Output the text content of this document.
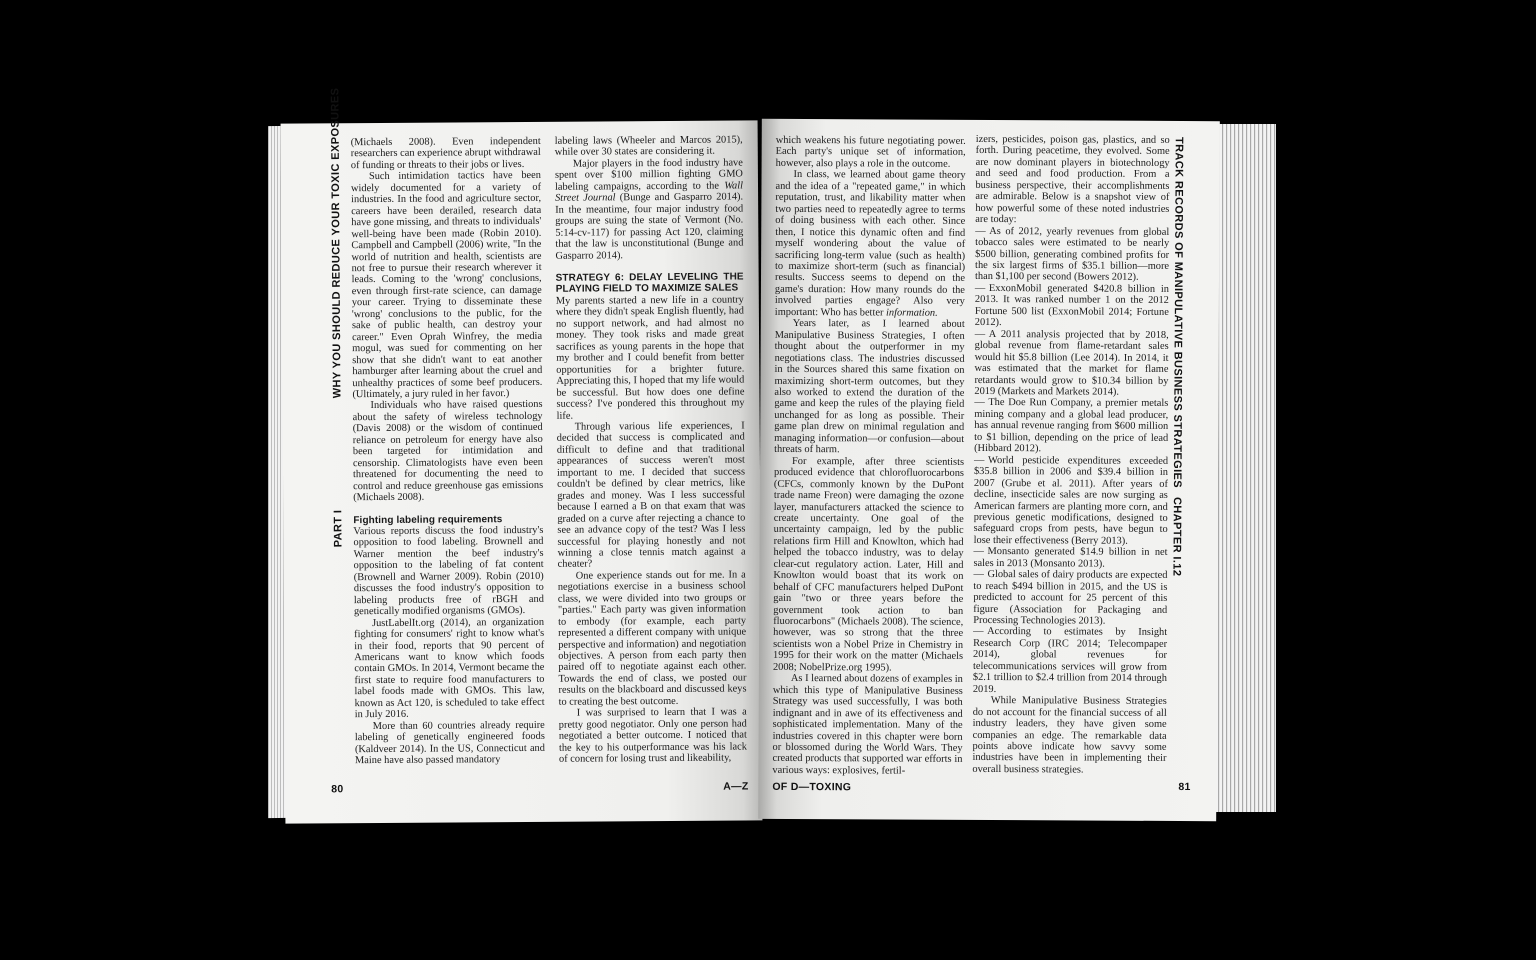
WHY YOU SHOULD REDUCE YOUR TOXIC EXPOSURES
PART I

(Michaels 2008). Even independent researchers can experience abrupt withdrawal of funding or threats to their jobs or lives.

Such intimidation tactics have been widely documented for a variety of industries. In the food and agriculture sector, careers have been derailed, research data have gone missing, and threats to individuals' well-being have been made (Robin 2010). Campbell and Campbell (2006) write, "In the world of nutrition and health, scientists are not free to pursue their research wherever it leads. Coming to the 'wrong' conclusions, even through first-rate science, can damage your career. Trying to disseminate these 'wrong' conclusions to the public, for the sake of public health, can destroy your career." Even Oprah Winfrey, the media mogul, was sued for commenting on her show that she didn't want to eat another hamburger after learning about the cruel and unhealthy practices of some beef producers. (Ultimately, a jury ruled in her favor.)

Individuals who have raised questions about the safety of wireless technology (Davis 2008) or the wisdom of continued reliance on petroleum for energy have also been targeted for intimidation and censorship. Climatologists have even been threatened for documenting the need to control and reduce greenhouse gas emissions (Michaels 2008).

Fighting labeling requirements

Various reports discuss the food industry's opposition to food labeling. Brownell and Warner mention the beef industry's opposition to the labeling of fat content (Brownell and Warner 2009). Robin (2010) discusses the food industry's opposition to labeling products free of rBGH and genetically modified organisms (GMOs).

JustLabelIt.org (2014), an organization fighting for consumers' right to know what's in their food, reports that 90 percent of Americans want to know which foods contain GMOs. In 2014, Vermont became the first state to require food manufacturers to label foods made with GMOs. This law, known as Act 120, is scheduled to take effect in July 2016.

More than 60 countries already require labeling of genetically engineered foods (Kaldveer 2014). In the US, Connecticut and Maine have also passed mandatory

labeling laws (Wheeler and Marcos 2015), while over 30 states are considering it.

Major players in the food industry have spent over $100 million fighting GMO labeling campaigns, according to the Wall Street Journal (Bunge and Gasparro 2014). In the meantime, four major industry food groups are suing the state of Vermont (No. 5:14-cv-117) for passing Act 120, claiming that the law is unconstitutional (Bunge and Gasparro 2014).

STRATEGY 6: DELAY LEVELING THE PLAYING FIELD TO MAXIMIZE SALES

My parents started a new life in a country where they didn't speak English fluently, had no support network, and had almost no money. They took risks and made great sacrifices as young parents in the hope that my brother and I could benefit from better opportunities for a brighter future. Appreciating this, I hoped that my life would be successful. But how does one define success? I've pondered this throughout my life.

Through various life experiences, I decided that success is complicated and difficult to define and that traditional appearances of success weren't most important to me. I decided that success couldn't be defined by clear metrics, like grades and money. Was I less successful because I earned a B on that exam that was graded on a curve after rejecting a chance to see an advance copy of the test? Was I less successful for playing honestly and not winning a close tennis match against a cheater?

One experience stands out for me. In a negotiations exercise in a business school class, we were divided into two groups or "parties." Each party was given information to embody (for example, each party represented a different company with unique perspective and information) and negotiation objectives. A person from each party then paired off to negotiate against each other. Towards the end of class, we posted our results on the blackboard and discussed keys to creating the best outcome.

I was surprised to learn that I was a pretty good negotiator. Only one person had negotiated a better outcome. I noticed that the key to his outperformance was his lack of concern for losing trust and likeability,

80	A—Z

which weakens his future negotiating power. Each party's unique set of information, however, also plays a role in the outcome.

In class, we learned about game theory and the idea of a "repeated game," in which reputation, trust, and likability matter when two parties need to repeatedly agree to terms of doing business with each other. Since then, I notice this dynamic often and find myself wondering about the value of sacrificing long-term value (such as health) to maximize short-term (such as financial) results. Success seems to depend on the game's duration: How many rounds do the involved parties engage? Also very important: Who has better information.

Years later, as I learned about Manipulative Business Strategies, I often thought about the outperformer in my negotiations class. The industries discussed in the Sources shared this same fixation on maximizing short-term outcomes, but they also worked to extend the duration of the game and keep the rules of the playing field unchanged for as long as possible. Their game plan drew on minimal regulation and managing information—or confusion—about threats of harm.

For example, after three scientists produced evidence that chlorofluorocarbons (CFCs, commonly known by the DuPont trade name Freon) were damaging the ozone layer, manufacturers attacked the science to create uncertainty. One goal of the uncertainty campaign, led by the public relations firm Hill and Knowlton, which had helped the tobacco industry, was to delay clear-cut regulatory action. Later, Hill and Knowlton would boast that its work on behalf of CFC manufacturers helped DuPont gain "two or three years before the government took action to ban fluorocarbons" (Michaels 2008). The science, however, was so strong that the three scientists won a Nobel Prize in Chemistry in 1995 for their work on the matter (Michaels 2008; NobelPrize.org 1995).

As I learned about dozens of examples in which this type of Manipulative Business Strategy was used successfully, I was both indignant and in awe of its effectiveness and sophisticated implementation. Many of the industries covered in this chapter were born or blossomed during the World Wars. They created products that supported war efforts in various ways: explosives, fertil-

izers, pesticides, poison gas, plastics, and so forth. During peacetime, they evolved. Some are now dominant players in biotechnology and seed and food production. From a business perspective, their accomplishments are admirable. Below is a snapshot view of how powerful some of these noted industries are today:

— As of 2012, yearly revenues from global tobacco sales were estimated to be nearly $500 billion, generating combined profits for the six largest firms of $35.1 billion—more than $1,100 per second (Bowers 2012).

— ExxonMobil generated $420.8 billion in 2013. It was ranked number 1 on the 2012 Fortune 500 list (ExxonMobil 2014; Fortune 2012).

— A 2011 analysis projected that by 2018, global revenue from flame-retardant sales would hit $5.8 billion (Lee 2014). In 2014, it was estimated that the market for flame retardants would grow to $10.34 billion by 2019 (Markets and Markets 2014).

— The Doe Run Company, a premier metals mining company and a global lead producer, has annual revenue ranging from $600 million to $1 billion, depending on the price of lead (Hibbard 2012).

— World pesticide expenditures exceeded $35.8 billion in 2006 and $39.4 billion in 2007 (Grube et al. 2011). After years of decline, insecticide sales are now surging as American farmers are planting more corn, and previous genetic modifications, designed to safeguard crops from pests, have begun to lose their effectiveness (Berry 2013).

— Monsanto generated $14.9 billion in net sales in 2013 (Monsanto 2013).

— Global sales of dairy products are expected to reach $494 billion in 2015, and the US is predicted to account for 25 percent of this figure (Association for Packaging and Processing Technologies 2013).

— According to estimates by Insight Research Corp (IRC 2014; Telecompaper 2014), global revenues for telecommunications services will grow from $2.1 trillion to $2.4 trillion from 2014 through 2019.

While Manipulative Business Strategies do not account for the financial success of all industry leaders, they have given some companies an edge. The remarkable data points above indicate how savvy some industries have been in implementing their overall business strategies.

TRACK RECORDS OF MANIPULATIVE BUSINESS STRATEGIES
CHAPTER I.12
OF D—TOXING	81
